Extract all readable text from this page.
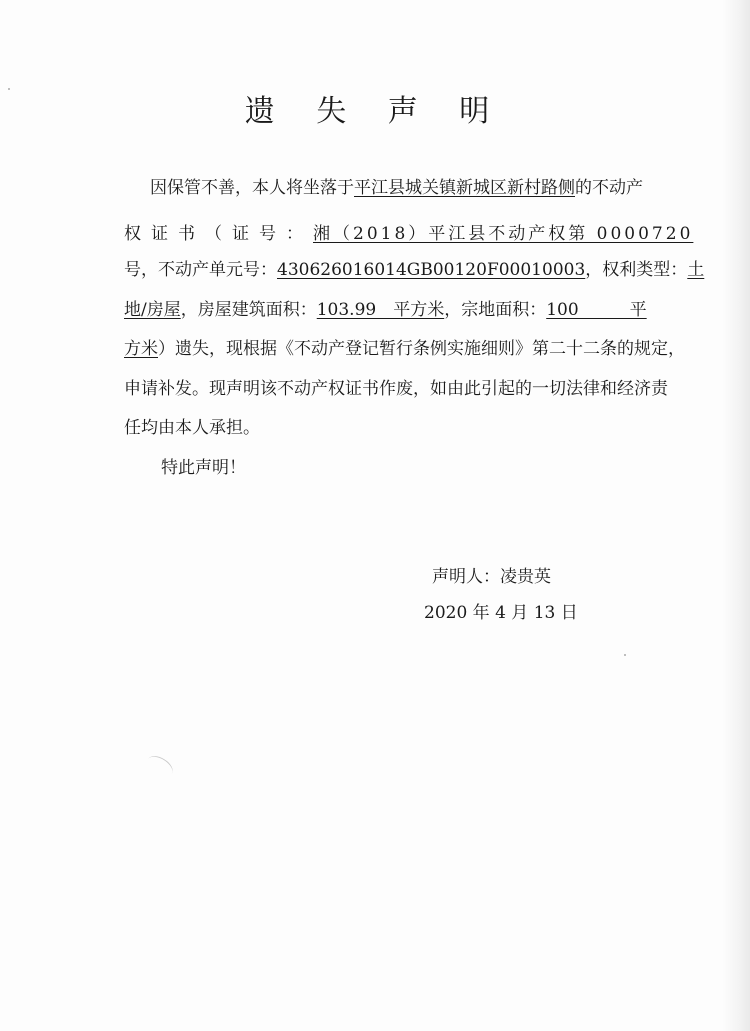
遗 失 声 明
因保管不善，本人将坐落于平江县城关镇新城区新村路侧的不动产
权证书（证号：湘（2018）平江县不动产权第 0000720
号，不动产单元号：430626016014GB00120F00010003，权利类型：土
地/房屋，房屋建筑面积：103.99　平方米，宗地面积：100　　　平
方米）遗失，现根据《不动产登记暂行条例实施细则》第二十二条的规定，
申请补发。现声明该不动产权证书作废，如由此引起的一切法律和经济责
任均由本人承担。
特此声明！
声明人：凌贵英
2020 年 4 月 13 日
